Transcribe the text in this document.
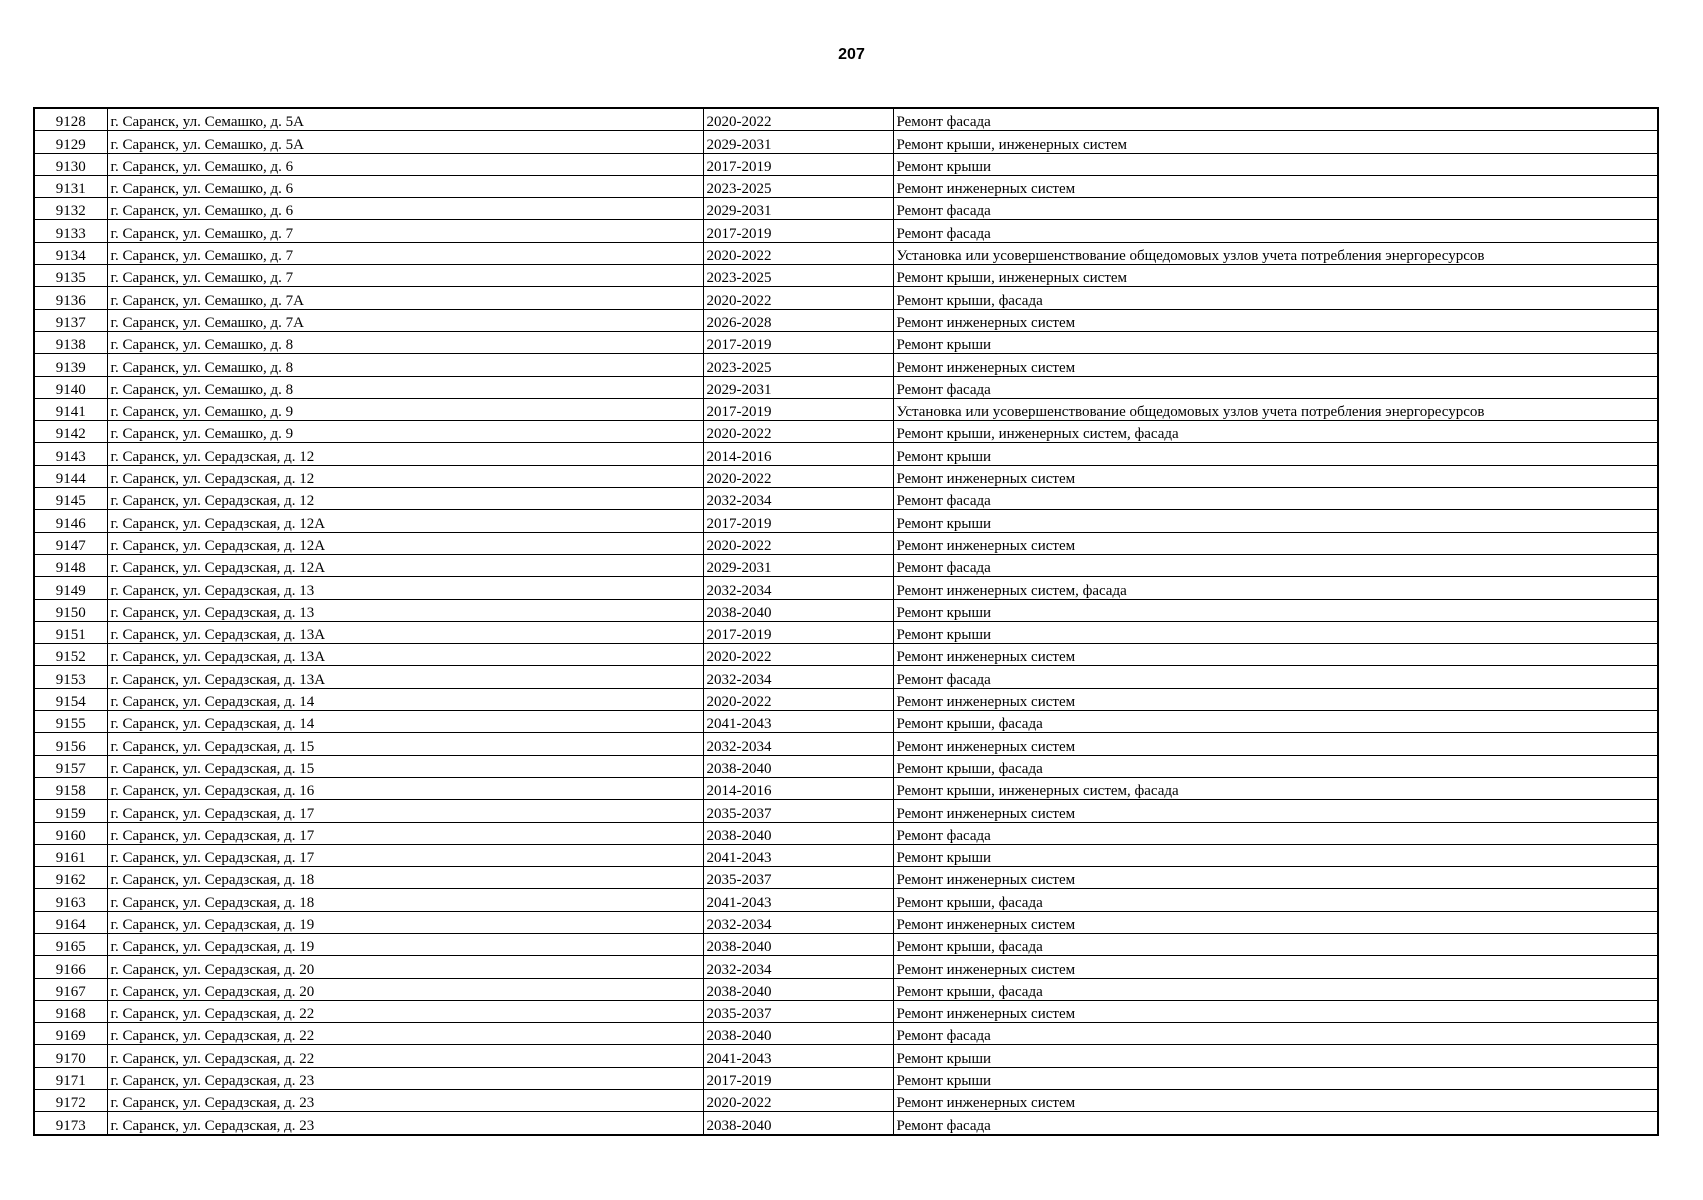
207
9128	г. Саранск, ул. Семашко, д. 5А	2020-2022	Ремонт фасада
9129	г. Саранск, ул. Семашко, д. 5А	2029-2031	Ремонт крыши, инженерных систем
9130	г. Саранск, ул. Семашко, д. 6	2017-2019	Ремонт крыши
9131	г. Саранск, ул. Семашко, д. 6	2023-2025	Ремонт инженерных систем
9132	г. Саранск, ул. Семашко, д. 6	2029-2031	Ремонт фасада
9133	г. Саранск, ул. Семашко, д. 7	2017-2019	Ремонт фасада
9134	г. Саранск, ул. Семашко, д. 7	2020-2022	Установка или усовершенствование общедомовых узлов учета потребления энергоресурсов
9135	г. Саранск, ул. Семашко, д. 7	2023-2025	Ремонт крыши, инженерных систем
9136	г. Саранск, ул. Семашко, д. 7А	2020-2022	Ремонт крыши, фасада
9137	г. Саранск, ул. Семашко, д. 7А	2026-2028	Ремонт инженерных систем
9138	г. Саранск, ул. Семашко, д. 8	2017-2019	Ремонт крыши
9139	г. Саранск, ул. Семашко, д. 8	2023-2025	Ремонт инженерных систем
9140	г. Саранск, ул. Семашко, д. 8	2029-2031	Ремонт фасада
9141	г. Саранск, ул. Семашко, д. 9	2017-2019	Установка или усовершенствование общедомовых узлов учета потребления энергоресурсов
9142	г. Саранск, ул. Семашко, д. 9	2020-2022	Ремонт крыши, инженерных систем, фасада
9143	г. Саранск, ул. Серадзская, д. 12	2014-2016	Ремонт крыши
9144	г. Саранск, ул. Серадзская, д. 12	2020-2022	Ремонт инженерных систем
9145	г. Саранск, ул. Серадзская, д. 12	2032-2034	Ремонт фасада
9146	г. Саранск, ул. Серадзская, д. 12А	2017-2019	Ремонт крыши
9147	г. Саранск, ул. Серадзская, д. 12А	2020-2022	Ремонт инженерных систем
9148	г. Саранск, ул. Серадзская, д. 12А	2029-2031	Ремонт фасада
9149	г. Саранск, ул. Серадзская, д. 13	2032-2034	Ремонт инженерных систем, фасада
9150	г. Саранск, ул. Серадзская, д. 13	2038-2040	Ремонт крыши
9151	г. Саранск, ул. Серадзская, д. 13А	2017-2019	Ремонт крыши
9152	г. Саранск, ул. Серадзская, д. 13А	2020-2022	Ремонт инженерных систем
9153	г. Саранск, ул. Серадзская, д. 13А	2032-2034	Ремонт фасада
9154	г. Саранск, ул. Серадзская, д. 14	2020-2022	Ремонт инженерных систем
9155	г. Саранск, ул. Серадзская, д. 14	2041-2043	Ремонт крыши, фасада
9156	г. Саранск, ул. Серадзская, д. 15	2032-2034	Ремонт инженерных систем
9157	г. Саранск, ул. Серадзская, д. 15	2038-2040	Ремонт крыши, фасада
9158	г. Саранск, ул. Серадзская, д. 16	2014-2016	Ремонт крыши, инженерных систем, фасада
9159	г. Саранск, ул. Серадзская, д. 17	2035-2037	Ремонт инженерных систем
9160	г. Саранск, ул. Серадзская, д. 17	2038-2040	Ремонт фасада
9161	г. Саранск, ул. Серадзская, д. 17	2041-2043	Ремонт крыши
9162	г. Саранск, ул. Серадзская, д. 18	2035-2037	Ремонт инженерных систем
9163	г. Саранск, ул. Серадзская, д. 18	2041-2043	Ремонт крыши, фасада
9164	г. Саранск, ул. Серадзская, д. 19	2032-2034	Ремонт инженерных систем
9165	г. Саранск, ул. Серадзская, д. 19	2038-2040	Ремонт крыши, фасада
9166	г. Саранск, ул. Серадзская, д. 20	2032-2034	Ремонт инженерных систем
9167	г. Саранск, ул. Серадзская, д. 20	2038-2040	Ремонт крыши, фасада
9168	г. Саранск, ул. Серадзская, д. 22	2035-2037	Ремонт инженерных систем
9169	г. Саранск, ул. Серадзская, д. 22	2038-2040	Ремонт фасада
9170	г. Саранск, ул. Серадзская, д. 22	2041-2043	Ремонт крыши
9171	г. Саранск, ул. Серадзская, д. 23	2017-2019	Ремонт крыши
9172	г. Саранск, ул. Серадзская, д. 23	2020-2022	Ремонт инженерных систем
9173	г. Саранск, ул. Серадзская, д. 23	2038-2040	Ремонт фасада
